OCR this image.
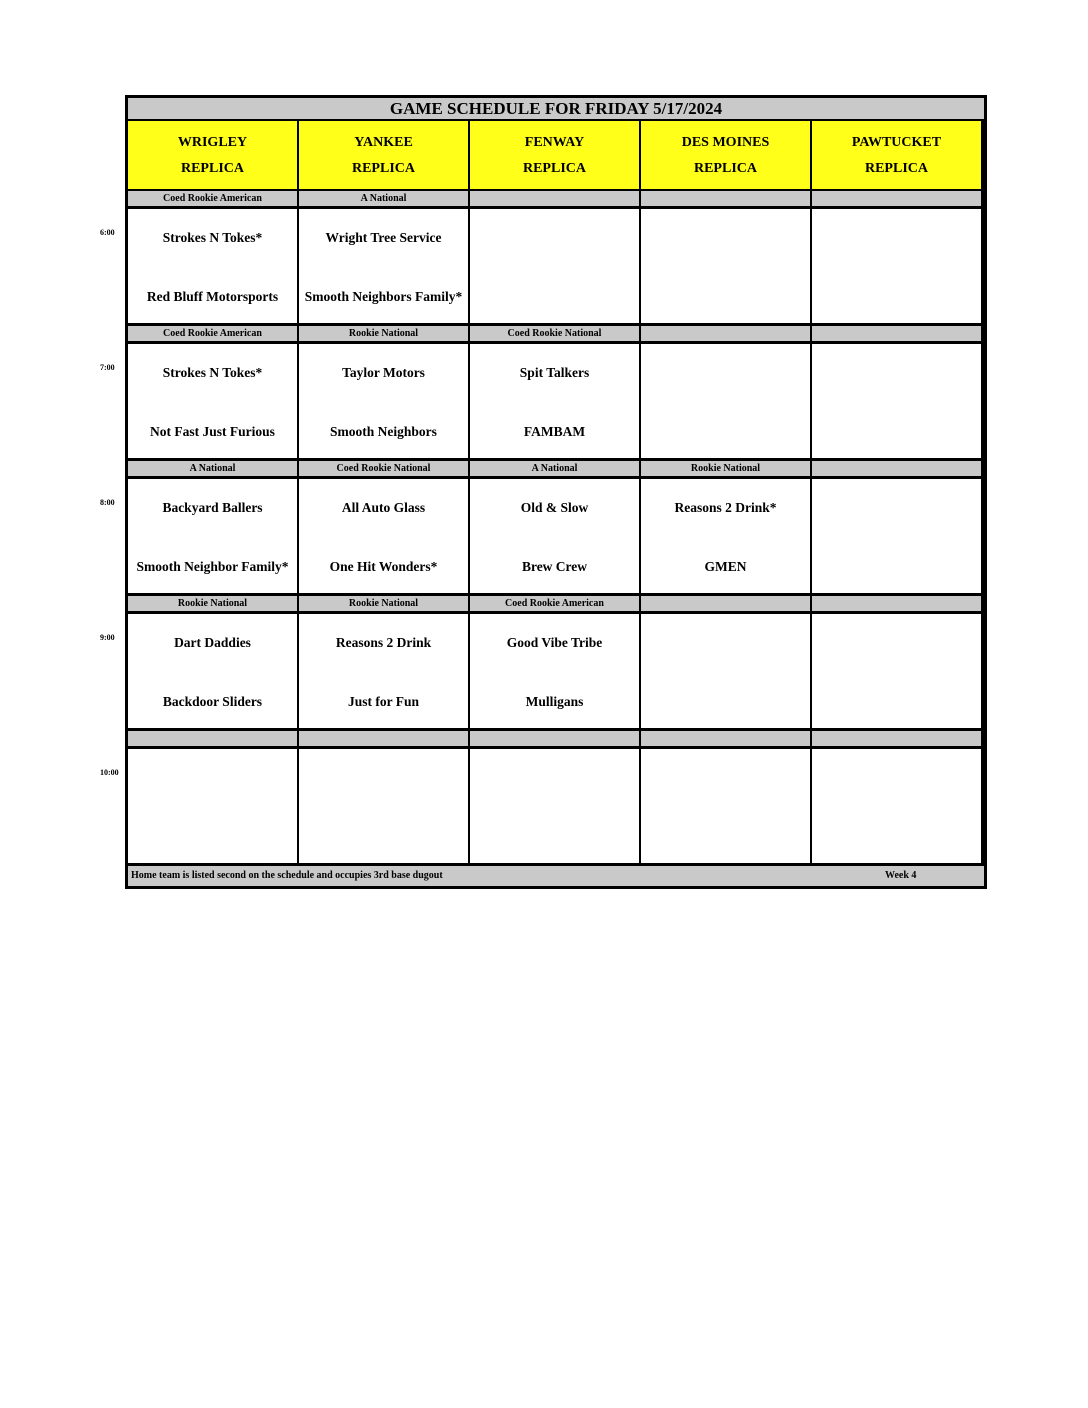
GAME SCHEDULE FOR FRIDAY 5/17/2024
WRIGLEY
REPLICA
YANKEE
REPLICA
FENWAY
REPLICA
DES MOINES
REPLICA
PAWTUCKET
REPLICA
Coed Rookie American
Strokes N Tokes*
Red Bluff Motorsports
A National
Wright Tree Service
Smooth Neighbors Family*
Coed Rookie American
Strokes N Tokes*
Not Fast Just Furious
Rookie National
Taylor Motors
Smooth Neighbors
Coed Rookie National
Spit Talkers
FAMBAM
A National
Backyard Ballers
Smooth Neighbor Family*
Coed Rookie National
All Auto Glass
One Hit Wonders*
A National
Old & Slow
Brew Crew
Rookie National
Reasons 2 Drink*
GMEN
Rookie National
Dart Daddies
Backdoor Sliders
Rookie National
Reasons 2 Drink
Just for Fun
Coed Rookie American
Good Vibe Tribe
Mulligans
Home team is listed second on the schedule and occupies 3rd base dugout	Week 4
6:00
7:00
8:00
9:00
10:00
